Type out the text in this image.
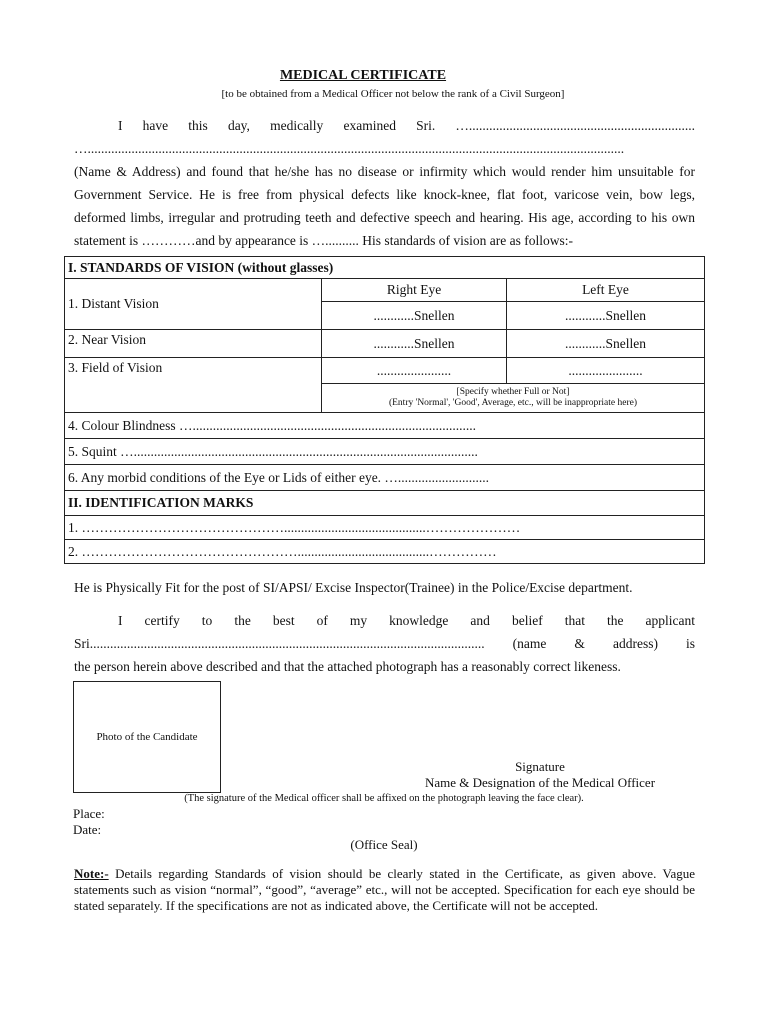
MEDICAL CERTIFICATE
[to be obtained from a Medical Officer not below the rank of a Civil Surgeon]
I have this day, medically examined Sri. …...................................................................
…...............................................................................................................................................................
(Name & Address) and found that he/she has no disease or infirmity which would render him unsuitable for Government Service. He is free from physical defects like knock-knee, flat foot, varicose vein, bow legs, deformed limbs, irregular and protruding teeth and defective speech and hearing. His age, according to his own statement is …………and by appearance is ….......... His standards of vision are as follows:-
I. STANDARDS OF VISION (without glasses)		
1. Distant Vision	Right Eye	Left Eye
	............Snellen	............Snellen
2. Near Vision	............Snellen	............Snellen
3. Field of Vision	......................	......................

	[Specify whether Full or Not]
(Entry 'Normal', 'Good', Average, etc., will be inappropriate here)	

4. Colour Blindness …....................................................................................		
5. Squint …......................................................................................................		
6. Any morbid conditions of the Eye or Lids of either eye. …...........................		
II. IDENTIFICATION MARKS		
1. ………………………………………..........................................…………………		
2. ………………………………………….......................................……………		
He is Physically Fit for the post of SI/APSI/ Excise Inspector(Trainee) in the Police/Excise department.
I certify to the best of my knowledge and belief that the applicant
Sri..................................................................................................................... (name & address) is
the person herein above described and that the attached photograph has a reasonably correct likeness.
Photo of the Candidate
Signature
Name & Designation of the Medical Officer
(The signature of the Medical officer shall be affixed on the photograph leaving the face clear).
Place:
Date:
(Office Seal)
Note:- Details regarding Standards of vision should be clearly stated in the Certificate, as given above. Vague statements such as vision “normal”, “good”, “average” etc., will not be accepted. Specification for each eye should be stated separately. If the specifications are not as indicated above, the Certificate will not be accepted.
